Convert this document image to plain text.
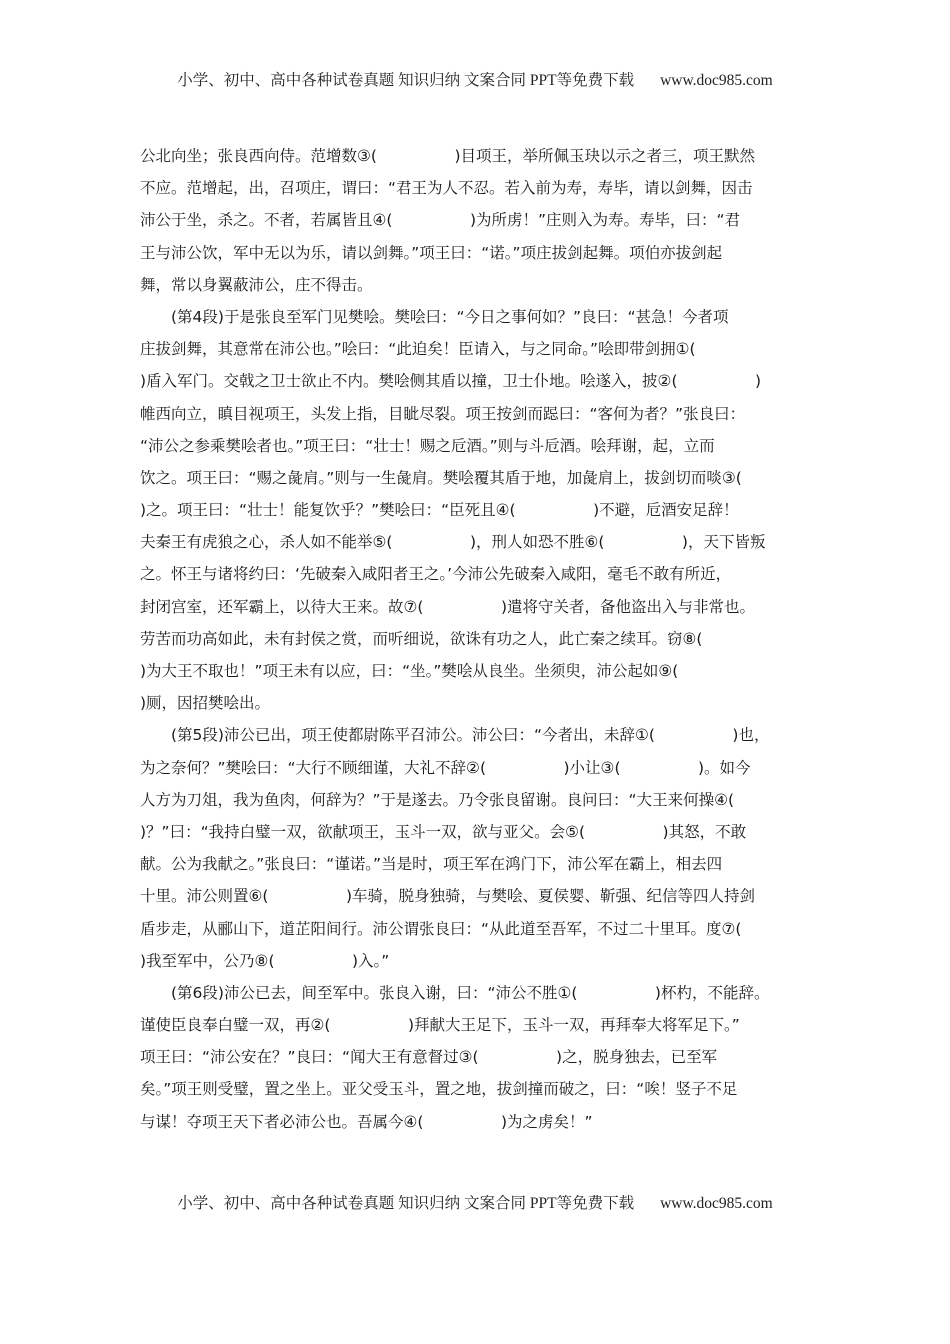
小学、初中、高中各种试卷真题 知识归纳 文案合同 PPT等免费下载 www.doc985.com
公北向坐；张良西向侍。范增数③(　　　　　)目项王，举所佩玉玦以示之者三，项王默然
不应。范增起，出，召项庄，谓曰：“君王为人不忍。若入前为寿，寿毕，请以剑舞，因击
沛公于坐，杀之。不者，若属皆且④(　　　　　)为所虏！”庄则入为寿。寿毕，曰：“君
王与沛公饮，军中无以为乐，请以剑舞。”项王曰：“诺。”项庄拔剑起舞。项伯亦拔剑起
舞，常以身翼蔽沛公，庄不得击。
(第4段)于是张良至军门见樊哙。樊哙曰：“今日之事何如？”良曰：“甚急！今者项
庄拔剑舞，其意常在沛公也。”哙曰：“此迫矣！臣请入，与之同命。”哙即带剑拥①(
)盾入军门。交戟之卫士欲止不内。樊哙侧其盾以撞，卫士仆地。哙遂入，披②(　　　　　)
帷西向立，瞋目视项王，头发上指，目眦尽裂。项王按剑而跽曰：“客何为者？”张良曰：
“沛公之参乘樊哙者也。”项王曰：“壮士！赐之卮酒。”则与斗卮酒。哙拜谢，起，立而
饮之。项王曰：“赐之彘肩。”则与一生彘肩。樊哙覆其盾于地，加彘肩上，拔剑切而啖③(
)之。项王曰：“壮士！能复饮乎？”樊哙曰：“臣死且④(　　　　　)不避，卮酒安足辞！
夫秦王有虎狼之心，杀人如不能举⑤(　　　　　)，刑人如恐不胜⑥(　　　　　)，天下皆叛
之。怀王与诸将约曰：‘先破秦入咸阳者王之。’今沛公先破秦入咸阳，毫毛不敢有所近，
封闭宫室，还军霸上，以待大王来。故⑦(　　　　　)遣将守关者，备他盗出入与非常也。
劳苦而功高如此，未有封侯之赏，而听细说，欲诛有功之人，此亡秦之续耳。窃⑧(
)为大王不取也！”项王未有以应，曰：“坐。”樊哙从良坐。坐须臾，沛公起如⑨(
)厕，因招樊哙出。
(第5段)沛公已出，项王使都尉陈平召沛公。沛公曰：“今者出，未辞①(　　　　　)也，
为之奈何？”樊哙曰：“大行不顾细谨，大礼不辞②(　　　　　)小让③(　　　　　)。如今
人方为刀俎，我为鱼肉，何辞为？”于是遂去。乃令张良留谢。良问曰：“大王来何操④(
)？”曰：“我持白璧一双，欲献项王，玉斗一双，欲与亚父。会⑤(　　　　　)其怒，不敢
献。公为我献之。”张良曰：“谨诺。”当是时，项王军在鸿门下，沛公军在霸上，相去四
十里。沛公则置⑥(　　　　　)车骑，脱身独骑，与樊哙、夏侯婴、靳强、纪信等四人持剑
盾步走，从郦山下，道芷阳间行。沛公谓张良曰：“从此道至吾军，不过二十里耳。度⑦(
)我至军中，公乃⑧(　　　　　)入。”
(第6段)沛公已去，间至军中。张良入谢，曰：“沛公不胜①(　　　　　)杯杓，不能辞。
谨使臣良奉白璧一双，再②(　　　　　)拜献大王足下，玉斗一双，再拜奉大将军足下。”
项王曰：“沛公安在？”良曰：“闻大王有意督过③(　　　　　)之，脱身独去，已至军
矣。”项王则受璧，置之坐上。亚父受玉斗，置之地，拔剑撞而破之，曰：“唉！竖子不足
与谋！夺项王天下者必沛公也。吾属今④(　　　　　)为之虏矣！”
小学、初中、高中各种试卷真题 知识归纳 文案合同 PPT等免费下载 www.doc985.com
